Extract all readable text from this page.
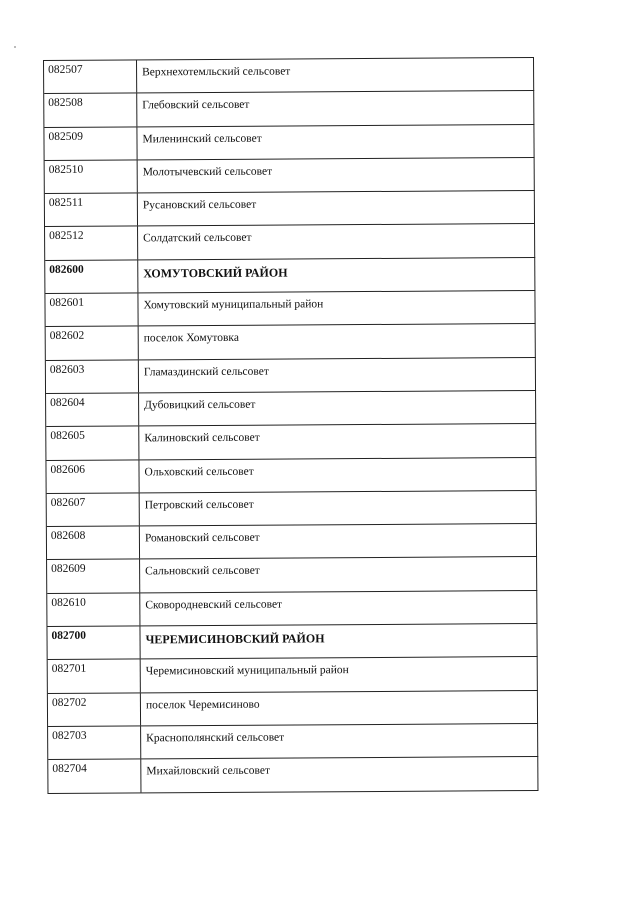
082507	Верхнехотемльский сельсовет
082508	Глебовский сельсовет
082509	Миленинский сельсовет
082510	Молотычевский сельсовет
082511	Русановский сельсовет
082512	Солдатский сельсовет
082600	ХОМУТОВСКИЙ РАЙОН
082601	Хомутовский муниципальный район
082602	поселок Хомутовка
082603	Гламаздинский сельсовет
082604	Дубовицкий сельсовет
082605	Калиновский сельсовет
082606	Ольховский сельсовет
082607	Петровский сельсовет
082608	Романовский сельсовет
082609	Сальновский сельсовет
082610	Сковородневский сельсовет
082700	ЧЕРЕМИСИНОВСКИЙ РАЙОН
082701	Черемисиновский муниципальный район
082702	поселок Черемисиново
082703	Краснополянский сельсовет
082704	Михайловский сельсовет
